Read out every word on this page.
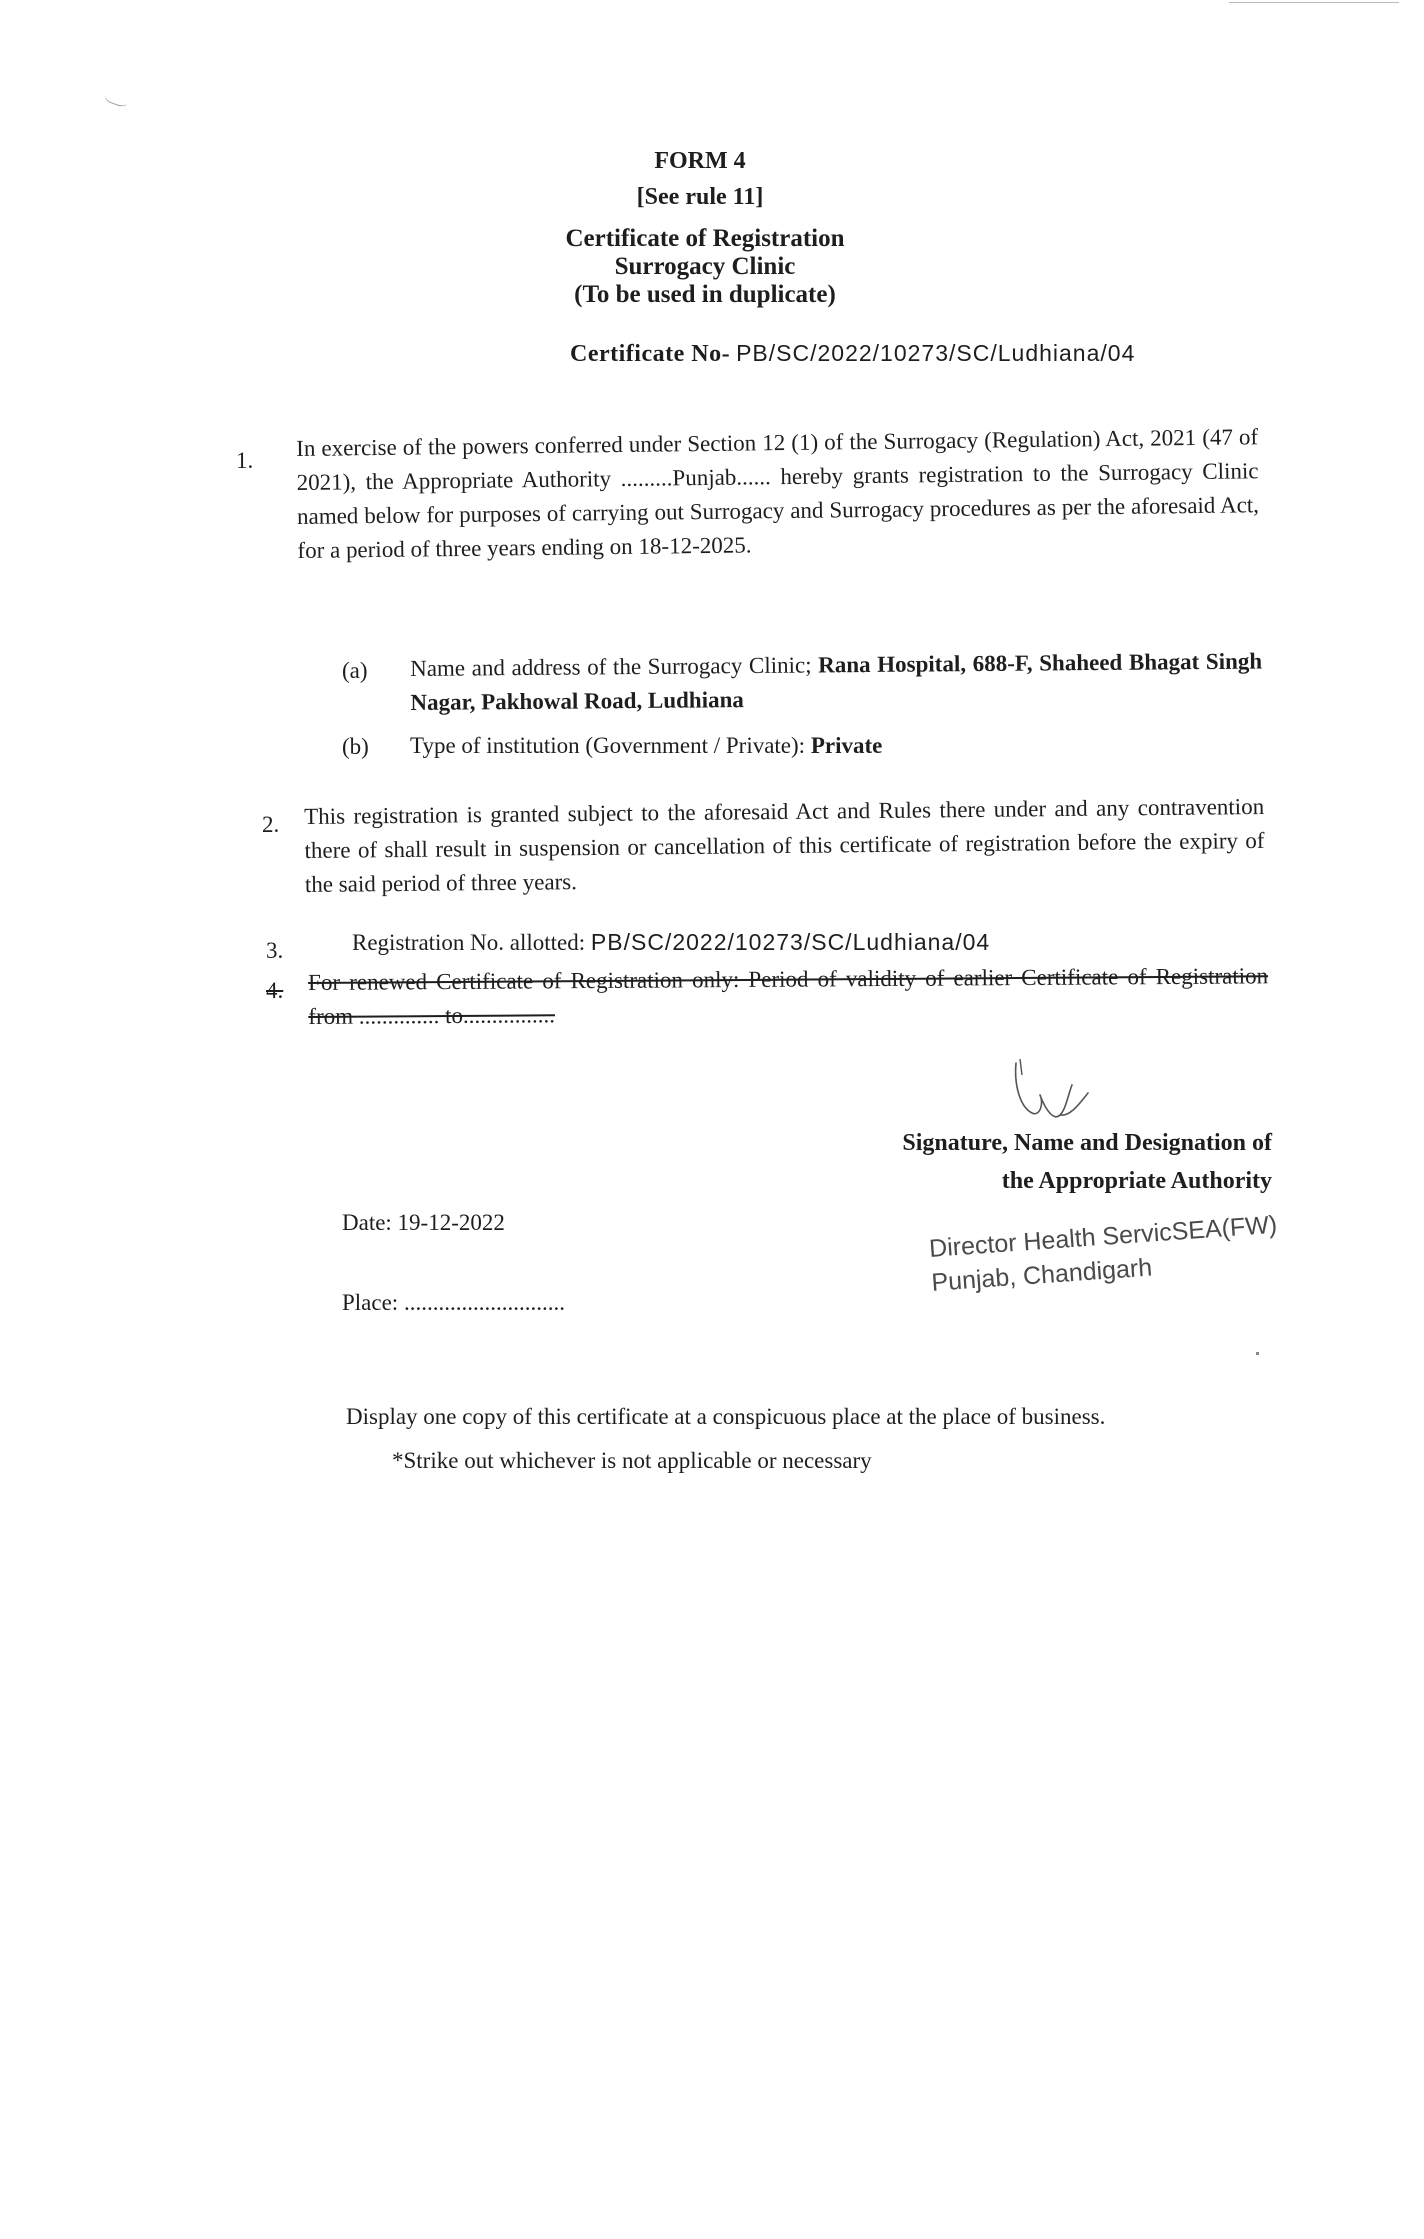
FORM 4
[See rule 11]
Certificate of Registration
Surrogacy Clinic
(To be used in duplicate)
Certificate No- PB/SC/2022/10273/SC/Ludhiana/04
1. In exercise of the powers conferred under Section 12 (1) of the Surrogacy (Regulation) Act, 2021 (47 of 2021), the Appropriate Authority .........Punjab...... hereby grants registration to the Surrogacy Clinic named below for purposes of carrying out Surrogacy and Surrogacy procedures as per the aforesaid Act, for a period of three years ending on 18-12-2025.
(a) Name and address of the Surrogacy Clinic; Rana Hospital, 688-F, Shaheed Bhagat Singh Nagar, Pakhowal Road, Ludhiana
(b) Type of institution (Government / Private): Private
2. This registration is granted subject to the aforesaid Act and Rules there under and any contravention there of shall result in suspension or cancellation of this certificate of registration before the expiry of the said period of three years.
3.	Registration No. allotted: PB/SC/2022/10273/SC/Ludhiana/04
4. For renewed Certificate of Registration only: Period of validity of earlier Certificate of Registration from .............. to................
Signature, Name and Designation of
the Appropriate Authority
Date: 19-12-2022
Place: ............................
Director Health ServicSEA(FW)
Punjab, Chandigarh
Display one copy of this certificate at a conspicuous place at the place of business.
*Strike out whichever is not applicable or necessary
